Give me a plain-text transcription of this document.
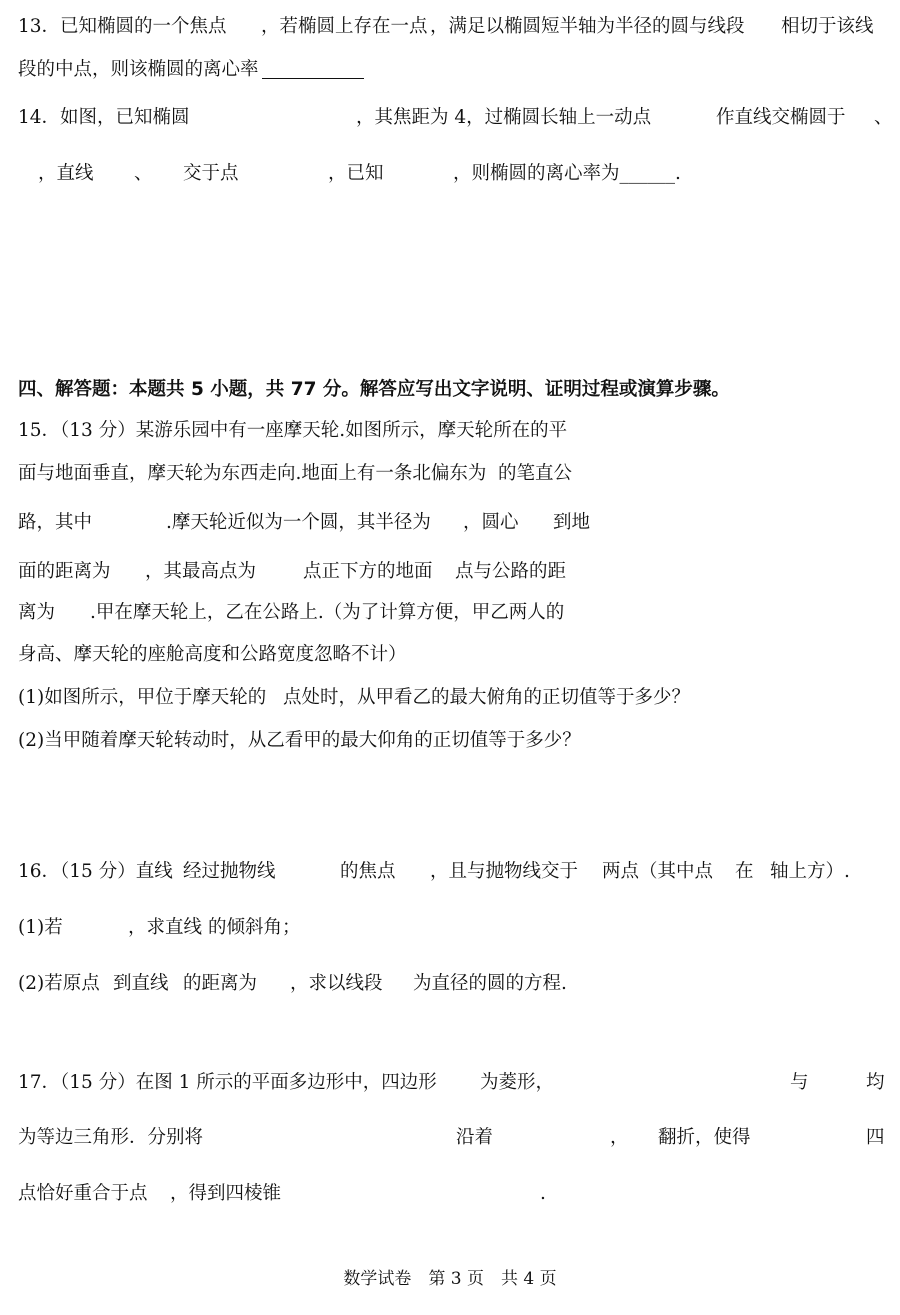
13．已知椭圆的一个焦点

，若椭圆上存在一点

，满足以椭圆短半轴为半径的圆与线段

相切于该线

段的中点，则该椭圆的离心率

14．如图，已知椭圆

	，其焦距为 4，过椭圆长轴上一动点

	作直线交椭圆于

、

，直线

、

交于点

	，已知

	，则椭圆的离心率为______.

四、解答题：本题共 5 小题，共 77 分。解答应写出文字说明、证明过程或演算步骤。

15．（13 分）某游乐园中有一座摩天轮.如图所示，摩天轮所在的平

面与地面垂直，摩天轮为东西走向.地面上有一条北偏东为

的笔直公

路，其中

	.摩天轮近似为一个圆，其半径为

，圆心

到地

面的距离为

，其最高点为

	点正下方的地面

点与公路的距

离为

.甲在摩天轮上，乙在公路上.（为了计算方便，甲乙两人的

身高、摩天轮的座舱高度和公路宽度忽略不计）

(1)如图所示，甲位于摩天轮的

点处时，从甲看乙的最大俯角的正切值等于多少？

(2)当甲随着摩天轮转动时，从乙看甲的最大仰角的正切值等于多少？

16．（15 分）直线

经过抛物线

	的焦点

，且与抛物线交于

两点（其中点

在

轴上方）.

(1)若

	，求直线

的倾斜角；

(2)若原点

到直线

的距离为

，求以线段

为直径的圆的方程.

17．（15 分）在图 1 所示的平面多边形中，四边形

为菱形，

	与

	均

为等边三角形．分别将

	沿着

	，

翻折，使得

	四

点恰好重合于点

，得到四棱锥

	.

数学试卷　第 3 页　共 4 页
